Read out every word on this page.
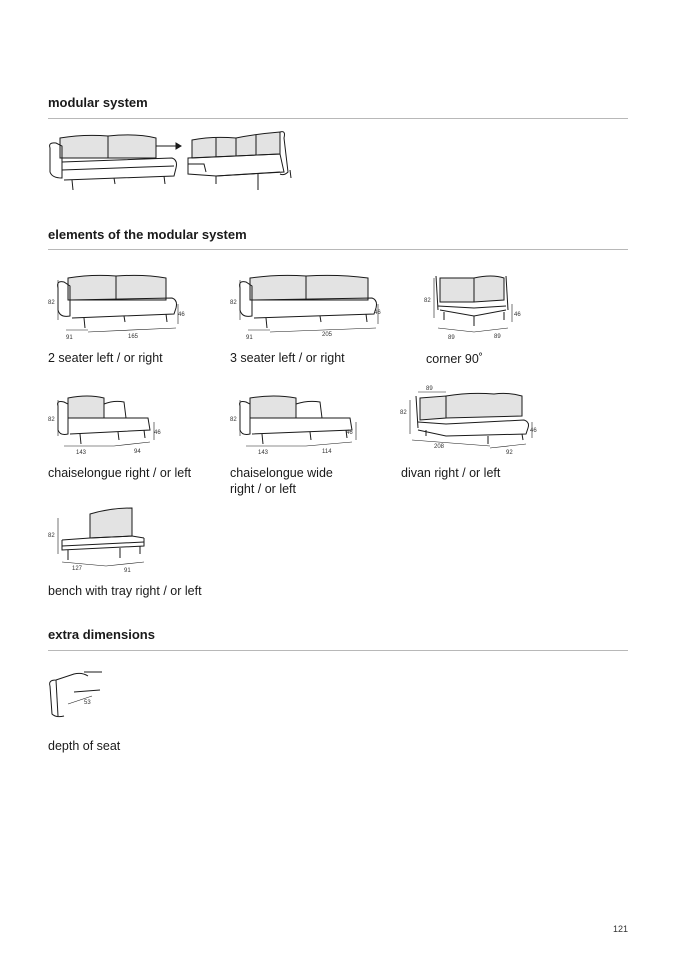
modular system
elements of the modular system
82
46
91	165
2 seater left / or right
82
46
91	205
3 seater left / or right
82
46
89	89
corner 90˚
82
46
143	94
chaiselongue right / or left
82
46
143	114
chaiselongue wide
right / or left
89
82
46
208
92
divan right / or left
82
127	91
bench with tray right / or left
extra dimensions
53
depth of seat
121
